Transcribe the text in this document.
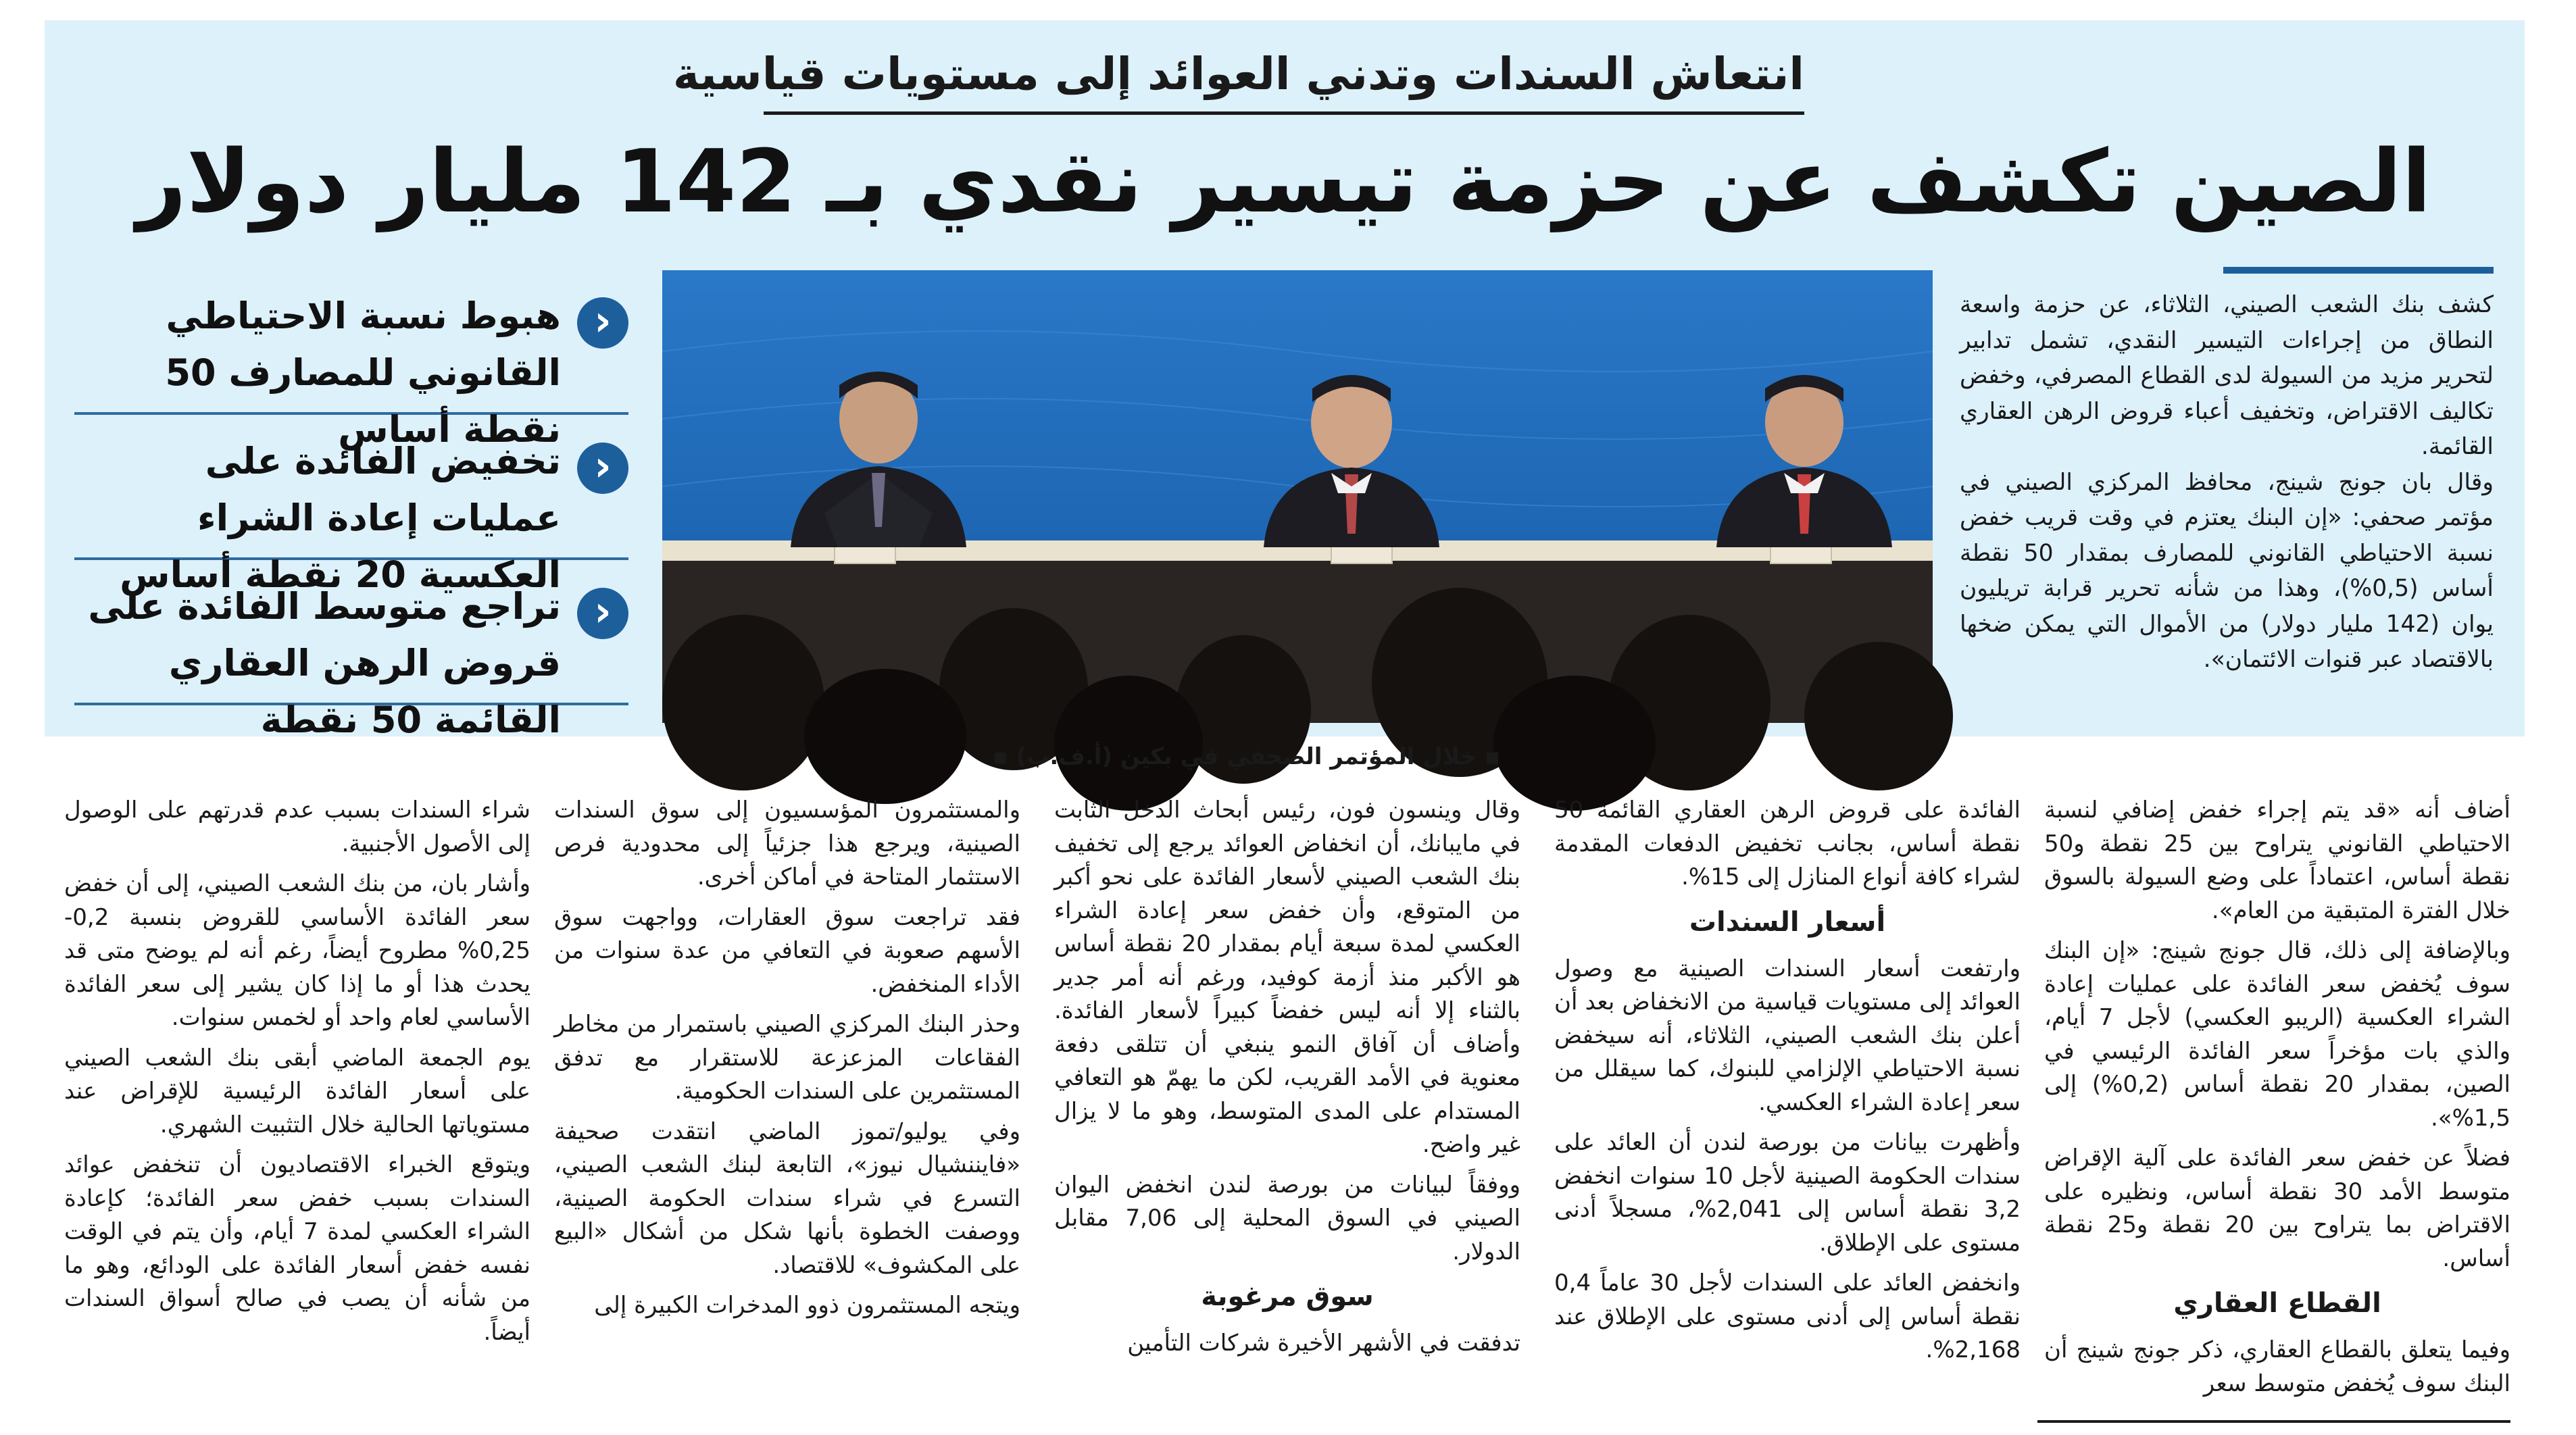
انتعاش السندات وتدني العوائد إلى مستويات قياسية
الصين تكشف عن حزمة تيسير نقدي بـ 142 مليار دولار
‹
هبوط نسبة الاحتياطي القانوني للمصارف 50 نقطة أساس
‹
تخفيض الفائدة على عمليات إعادة الشراء العكسية 20 نقطة أساس
‹
تراجع متوسط الفائدة على قروض الرهن العقاري القائمة 50 نقطة
▪ خلال المؤتمر الصحفي في بكين (أ.ف.ب) ▪

كشف بنك الشعب الصيني، الثلاثاء، عن حزمة واسعة النطاق من إجراءات التيسير النقدي، تشمل تدابير لتحرير مزيد من السيولة لدى القطاع المصرفي، وخفض تكاليف الاقتراض، وتخفيف أعباء قروض الرهن العقاري القائمة.

وقال بان جونج شينج، محافظ المركزي الصيني في مؤتمر صحفي: «إن البنك يعتزم في وقت قريب خفض نسبة الاحتياطي القانوني للمصارف بمقدار 50 نقطة أساس (0,5%)، وهذا من شأنه تحرير قرابة تريليون يوان (142 مليار دولار) من الأموال التي يمكن ضخها بالاقتصاد عبر قنوات الائتمان».

أضاف أنه «قد يتم إجراء خفض إضافي لنسبة الاحتياطي القانوني يتراوح بين 25 نقطة و50 نقطة أساس، اعتماداً على وضع السيولة بالسوق خلال الفترة المتبقية من العام».

وبالإضافة إلى ذلك، قال جونج شينج: «إن البنك سوف يُخفض سعر الفائدة على عمليات إعادة الشراء العكسية (الريبو العكسي) لأجل 7 أيام، والذي بات مؤخراً سعر الفائدة الرئيسي في الصين، بمقدار 20 نقطة أساس (0,2%) إلى 1,5%».

فضلاً عن خفض سعر الفائدة على آلية الإقراض متوسط الأمد 30 نقطة أساس، ونظيره على الاقتراض بما يتراوح بين 20 نقطة و25 نقطة أساس.

القطاع العقاري

وفيما يتعلق بالقطاع العقاري، ذكر جونج شينج أن البنك سوف يُخفض متوسط سعر

الفائدة على قروض الرهن العقاري القائمة 50 نقطة أساس، بجانب تخفيض الدفعات المقدمة لشراء كافة أنواع المنازل إلى 15%.

أسعار السندات

وارتفعت أسعار السندات الصينية مع وصول العوائد إلى مستويات قياسية من الانخفاض بعد أن أعلن بنك الشعب الصيني، الثلاثاء، أنه سيخفض نسبة الاحتياطي الإلزامي للبنوك، كما سيقلل من سعر إعادة الشراء العكسي.

وأظهرت بيانات من بورصة لندن أن العائد على سندات الحكومة الصينية لأجل 10 سنوات انخفض 3,2 نقطة أساس إلى 2,041%، مسجلاً أدنى مستوى على الإطلاق.

وانخفض العائد على السندات لأجل 30 عاماً 0,4 نقطة أساس إلى أدنى مستوى على الإطلاق عند 2,168%.

وقال وينسون فون، رئيس أبحاث الدخل الثابت في مايبانك، أن انخفاض العوائد يرجع إلى تخفيف بنك الشعب الصيني لأسعار الفائدة على نحو أكبر من المتوقع، وأن خفض سعر إعادة الشراء العكسي لمدة سبعة أيام بمقدار 20 نقطة أساس هو الأكبر منذ أزمة كوفيد، ورغم أنه أمر جدير بالثناء إلا أنه ليس خفضاً كبيراً لأسعار الفائدة. وأضاف أن آفاق النمو ينبغي أن تتلقى دفعة معنوية في الأمد القريب، لكن ما يهمّ هو التعافي المستدام على المدى المتوسط، وهو ما لا يزال غير واضح.

ووفقاً لبيانات من بورصة لندن انخفض اليوان الصيني في السوق المحلية إلى 7,06 مقابل الدولار.

سوق مرغوبة

تدفقت في الأشهر الأخيرة شركات التأمين

والمستثمرون المؤسسيون إلى سوق السندات الصينية، ويرجع هذا جزئياً إلى محدودية فرص الاستثمار المتاحة في أماكن أخرى.

فقد تراجعت سوق العقارات، وواجهت سوق الأسهم صعوبة في التعافي من عدة سنوات من الأداء المنخفض.

وحذر البنك المركزي الصيني باستمرار من مخاطر الفقاعات المزعزعة للاستقرار مع تدفق المستثمرين على السندات الحكومية.

وفي يوليو/تموز الماضي انتقدت صحيفة «فايننشيال نيوز»، التابعة لبنك الشعب الصيني، التسرع في شراء سندات الحكومة الصينية، ووصفت الخطوة بأنها شكل من أشكال «البيع على المكشوف» للاقتصاد.

ويتجه المستثمرون ذوو المدخرات الكبيرة إلى

شراء السندات بسبب عدم قدرتهم على الوصول إلى الأصول الأجنبية.

وأشار بان، من بنك الشعب الصيني، إلى أن خفض سعر الفائدة الأساسي للقروض بنسبة 0,2-0,25% مطروح أيضاً، رغم أنه لم يوضح متى قد يحدث هذا أو ما إذا كان يشير إلى سعر الفائدة الأساسي لعام واحد أو لخمس سنوات.

يوم الجمعة الماضي أبقى بنك الشعب الصيني على أسعار الفائدة الرئيسية للإقراض عند مستوياتها الحالية خلال التثبيت الشهري.

ويتوقع الخبراء الاقتصاديون أن تنخفض عوائد السندات بسبب خفض سعر الفائدة؛ كإعادة الشراء العكسي لمدة 7 أيام، وأن يتم في الوقت نفسه خفض أسعار الفائدة على الودائع، وهو ما من شأنه أن يصب في صالح أسواق السندات أيضاً.
